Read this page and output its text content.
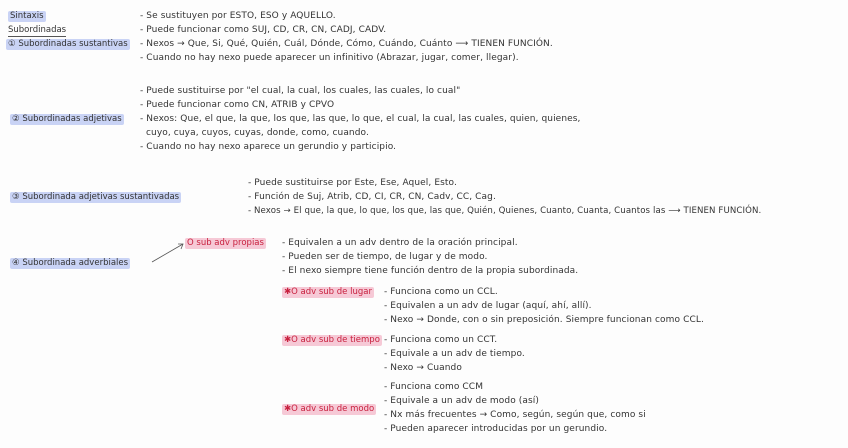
Sintaxis
Subordinadas
① Subordinadas sustantivas
- Se sustituyen por ESTO, ESO y AQUELLO.
- Puede funcionar como SUJ, CD, CR, CN, CADJ, CADV.
- Nexos → Que, Si, Qué, Quién, Cuál, Dónde, Cómo, Cuándo, Cuánto ⟶ TIENEN FUNCIÓN.
- Cuando no hay nexo puede aparecer un infinitivo (Abrazar, jugar, comer, llegar).
② Subordinadas adjetivas
- Puede sustituirse por "el cual, la cual, los cuales, las cuales, lo cual"
- Puede funcionar como CN, ATRIB y CPVO
- Nexos: Que, el que, la que, los que, las que, lo que, el cual, la cual, las cuales, quien, quienes,
cuyo, cuya, cuyos, cuyas, donde, como, cuando.
- Cuando no hay nexo aparece un gerundio y participio.
③ Subordinada adjetivas sustantivadas
- Puede sustituirse por Este, Ese, Aquel, Esto.
- Función de Suj, Atrib, CD, CI, CR, CN, Cadv, CC, Cag.
- Nexos → El que, la que, lo que, los que, las que, Quién, Quienes, Cuanto, Cuanta, Cuantos las ⟶ TIENEN FUNCIÓN.
④ Subordinada adverbiales
O sub adv propias - Equivalen a un adv dentro de la oración principal.
- Pueden ser de tiempo, de lugar y de modo.
- El nexo siempre tiene función dentro de la propia subordinada.
✱O adv sub de lugar - Funciona como un CCL.
- Equivalen a un adv de lugar (aquí, ahí, allí).
- Nexo → Donde, con o sin preposición. Siempre funcionan como CCL.
✱O adv sub de tiempo - Funciona como un CCT.
- Equivale a un adv de tiempo.
- Nexo → Cuando
✱O adv sub de modo
- Funciona como CCM
- Equivale a un adv de modo (así)
- Nx más frecuentes → Como, según, según que, como si
- Pueden aparecer introducidas por un gerundio.
